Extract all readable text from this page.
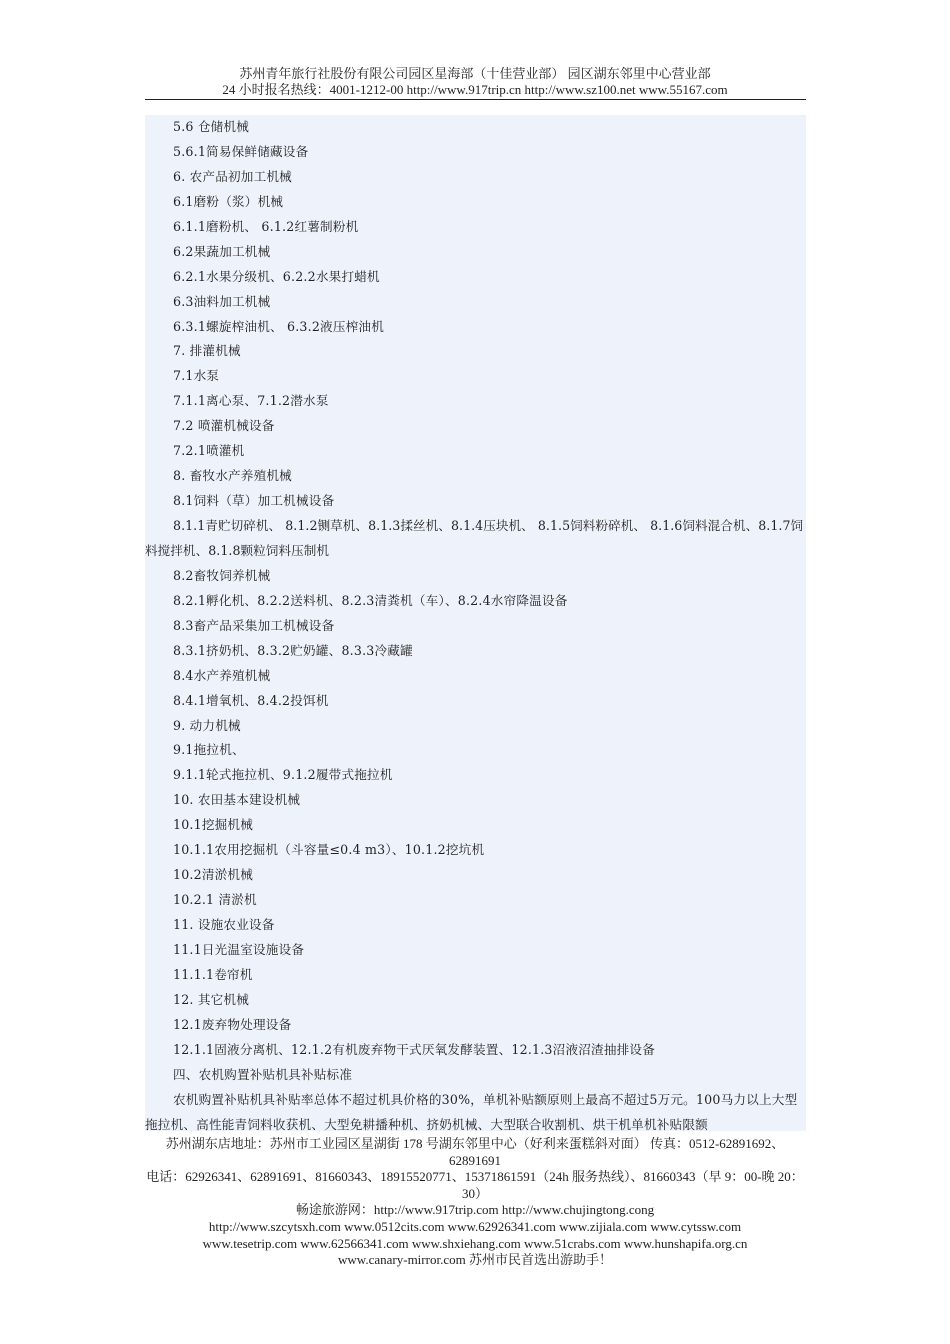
苏州青年旅行社股份有限公司园区星海部（十佳营业部） 园区湖东邻里中心营业部
24 小时报名热线：4001-1212-00 http://www.917trip.cn http://www.sz100.net www.55167.com
5.6 仓储机械
5.6.1简易保鲜储藏设备
6. 农产品初加工机械
6.1磨粉（浆）机械
6.1.1磨粉机、 6.1.2红薯制粉机
6.2果蔬加工机械
6.2.1水果分级机、6.2.2水果打蜡机
6.3油料加工机械
6.3.1螺旋榨油机、 6.3.2液压榨油机
7. 排灌机械
7.1水泵
7.1.1离心泵、7.1.2潜水泵
7.2 喷灌机械设备
7.2.1喷灌机
8. 畜牧水产养殖机械
8.1饲料（草）加工机械设备
8.1.1青贮切碎机、 8.1.2铡草机、8.1.3揉丝机、8.1.4压块机、 8.1.5饲料粉碎机、 8.1.6饲料混合机、8.1.7饲料搅拌机、8.1.8颗粒饲料压制机
8.2畜牧饲养机械
8.2.1孵化机、8.2.2送料机、8.2.3清粪机（车）、8.2.4水帘降温设备
8.3畜产品采集加工机械设备
8.3.1挤奶机、8.3.2贮奶罐、8.3.3冷藏罐
8.4水产养殖机械
8.4.1增氧机、8.4.2投饵机
9. 动力机械
9.1拖拉机、
9.1.1轮式拖拉机、9.1.2履带式拖拉机
10. 农田基本建设机械
10.1挖掘机械
10.1.1农用挖掘机（斗容量≤0.4 m3）、10.1.2挖坑机
10.2清淤机械
10.2.1 清淤机
11. 设施农业设备
11.1日光温室设施设备
11.1.1卷帘机
12. 其它机械
12.1废弃物处理设备
12.1.1固液分离机、12.1.2有机废弃物干式厌氧发酵装置、12.1.3沼液沼渣抽排设备
四、农机购置补贴机具补贴标准
农机购置补贴机具补贴率总体不超过机具价格的30%，单机补贴额原则上最高不超过5万元。100马力以上大型拖拉机、高性能青饲料收获机、大型免耕播种机、挤奶机械、大型联合收割机、烘干机单机补贴限额
苏州湖东店地址：苏州市工业园区星湖街 178 号湖东邻里中心（好利来蛋糕斜对面） 传真：0512-62891692、62891691
电话：62926341、62891691、81660343、18915520771、15371861591（24h 服务热线）、81660343（早 9：00-晚 20：30）
畅途旅游网：http://www.917trip.com http://www.chujingtong.cong
http://www.szcytsxh.com www.0512cits.com www.62926341.com www.zijiala.com www.cytssw.com
www.tesetrip.com www.62566341.com www.shxiehang.com www.51crabs.com www.hunshapifa.org.cn
www.canary-mirror.com 苏州市民首选出游助手！
